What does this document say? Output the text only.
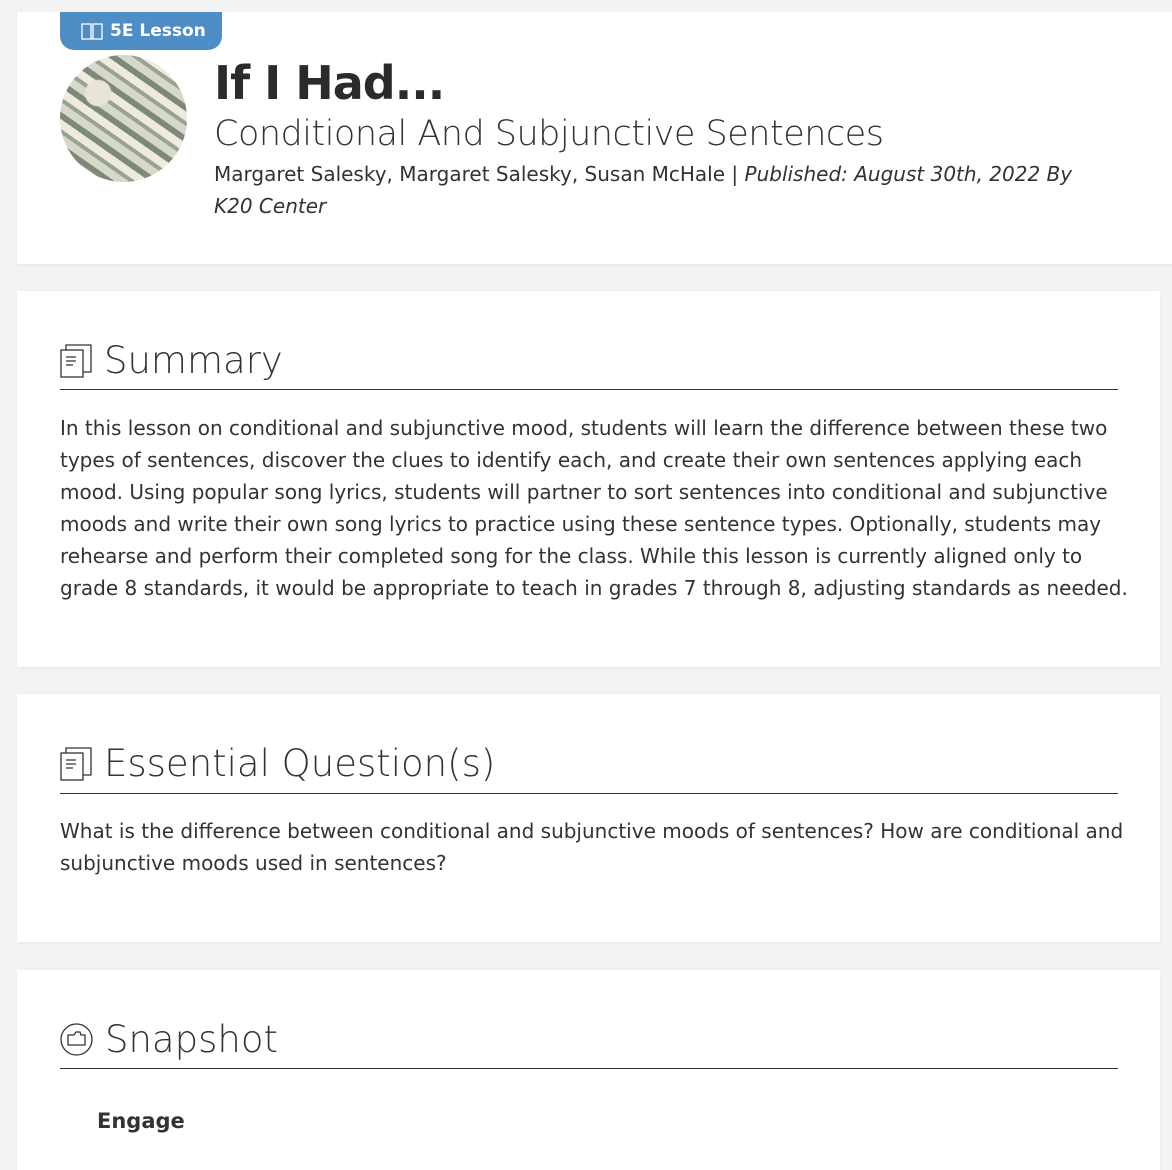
5E Lesson
If I Had...
Conditional And Subjunctive Sentences
Margaret Salesky, Margaret Salesky, Susan McHale | Published: August 30th, 2022 By K20 Center
Summary

In this lesson on conditional and subjunctive mood, students will learn the difference between these two types of sentences, discover the clues to identify each, and create their own sentences applying each mood. Using popular song lyrics, students will partner to sort sentences into conditional and subjunctive moods and write their own song lyrics to practice using these sentence types. Optionally, students may rehearse and perform their completed song for the class. While this lesson is currently aligned only to grade 8 standards, it would be appropriate to teach in grades 7 through 8, adjusting standards as needed.

Essential Question(s)

What is the difference between conditional and subjunctive moods of sentences? How are conditional and subjunctive moods used in sentences?

Snapshot
Engage
